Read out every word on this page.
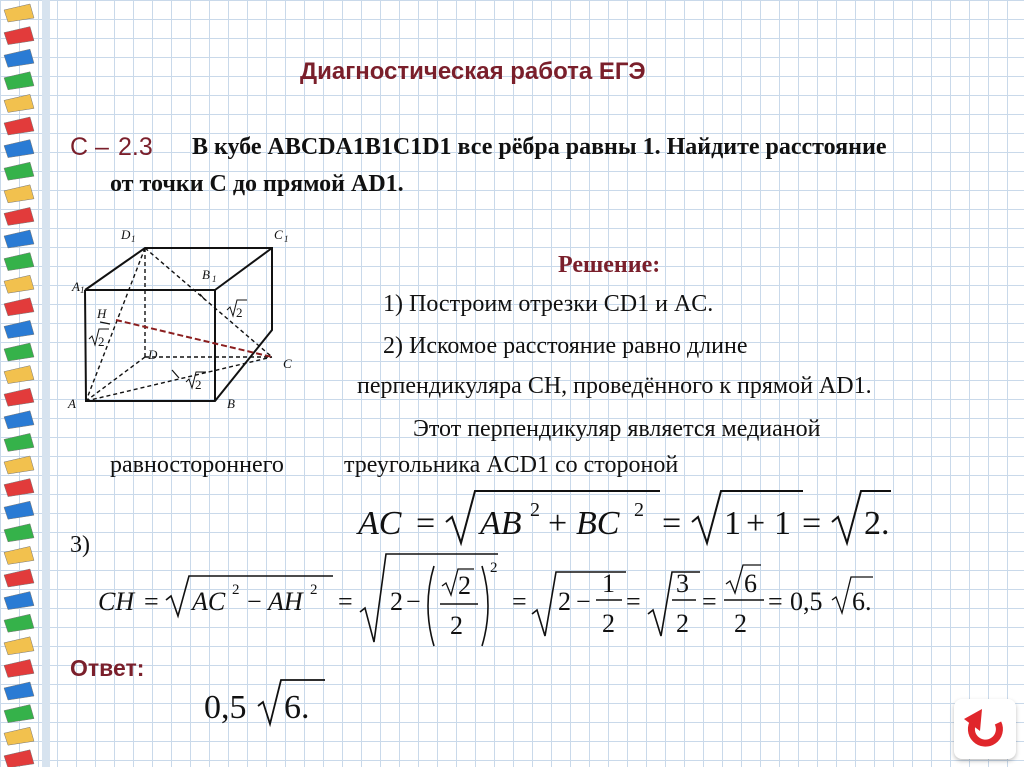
Диагностическая работа ЕГЭ
С – 2.3 В кубе ABCDA1B1C1D1 все рёбра равны 1. Найдите расстояние
от точки С до прямой AD1.
A 1
D 1	C 1
B 1
H
D
C
A	B
2
2
2
Решение:
1) Построим отрезки CD1 и AC.
2) Искомое расстояние равно длине
перпендикуляра CH, проведённого к прямой AD1.
Этот перпендикуляр является медианой
равностороннего	треугольника ACD1 со стороной
AC = AB 2 + BC 2 = 1 + 1 = 2.
3)
CH = AC 2 − AH 2 = 2 −
2
2
2
= 2 −
1
2
=
3
2
=
6
2
= 0,5 6.
Ответ:
0,5 6.
